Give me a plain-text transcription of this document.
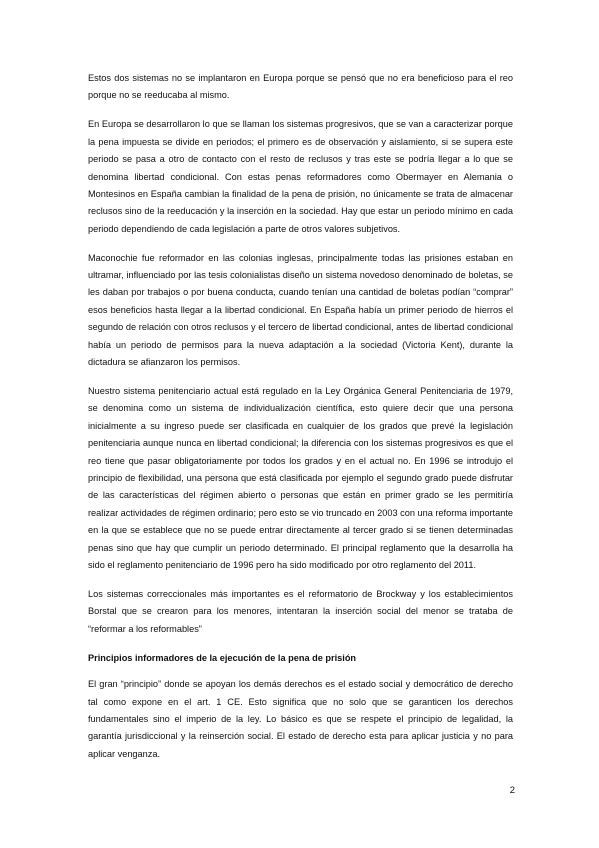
Estos dos sistemas no se implantaron en Europa porque se pensó que no era beneficioso para el reo porque no se reeducaba al mismo.

En Europa se desarrollaron lo que se llaman los sistemas progresivos, que se van a caracterizar porque la pena impuesta se divide en periodos; el primero es de observación y aislamiento, si se supera este periodo se pasa a otro de contacto con el resto de reclusos y tras este se podría llegar a lo que se denomina libertad condicional. Con estas penas reformadores como Obermayer en Alemania o Montesinos en España cambian la finalidad de la pena de prisión, no únicamente se trata de almacenar reclusos sino de la reeducación y la inserción en la sociedad. Hay que estar un periodo mínimo en cada periodo dependiendo de cada legislación a parte de otros valores subjetivos.

Maconochie fue reformador en las colonias inglesas, principalmente todas las prisiones estaban en ultramar, influenciado por las tesis colonialistas diseño un sistema novedoso denominado de boletas, se les daban por trabajos o por buena conducta, cuando tenían una cantidad de boletas podían “comprar” esos beneficios hasta llegar a la libertad condicional. En España había un primer periodo de hierros el segundo de relación con otros reclusos y el tercero de libertad condicional, antes de libertad condicional había un periodo de permisos para la nueva adaptación a la sociedad (Victoria Kent), durante la dictadura se afianzaron los permisos.

Nuestro sistema penitenciario actual está regulado en la Ley Orgánica General Penitenciaria de 1979, se denomina como un sistema de individualización científica, esto quiere decir que una persona inicialmente a su ingreso puede ser clasificada en cualquier de los grados que prevé la legislación penitenciaria aunque nunca en libertad condicional; la diferencia con los sistemas progresivos es que el reo tiene que pasar obligatoriamente por todos los grados y en el actual no. En 1996 se introdujo el principio de flexibilidad, una persona que está clasificada por ejemplo el segundo grado puede disfrutar de las características del régimen abierto o personas que están en primer grado se les permitiría realizar actividades de régimen ordinario; pero esto se vio truncado en 2003 con una reforma importante en la que se establece que no se puede entrar directamente al tercer grado si se tienen determinadas penas sino que hay que cumplir un periodo determinado. El principal reglamento que la desarrolla ha sido el reglamento penitenciario de 1996 pero ha sido modificado por otro reglamento del 2011.

Los sistemas correccionales más importantes es el reformatorio de Brockway y los establecimientos Borstal que se crearon para los menores, intentaran la inserción social del menor se trataba de “reformar a los reformables”

Principios informadores de la ejecución de la pena de prisión

El gran “principio” donde se apoyan los demás derechos es el estado social y democrático de derecho tal como expone en el art. 1 CE. Esto significa que no solo que se garanticen los derechos fundamentales sino el imperio de la ley. Lo básico es que se respete el principio de legalidad, la garantía jurisdiccional y la reinserción social. El estado de derecho esta para aplicar justicia y no para aplicar venganza.

2
